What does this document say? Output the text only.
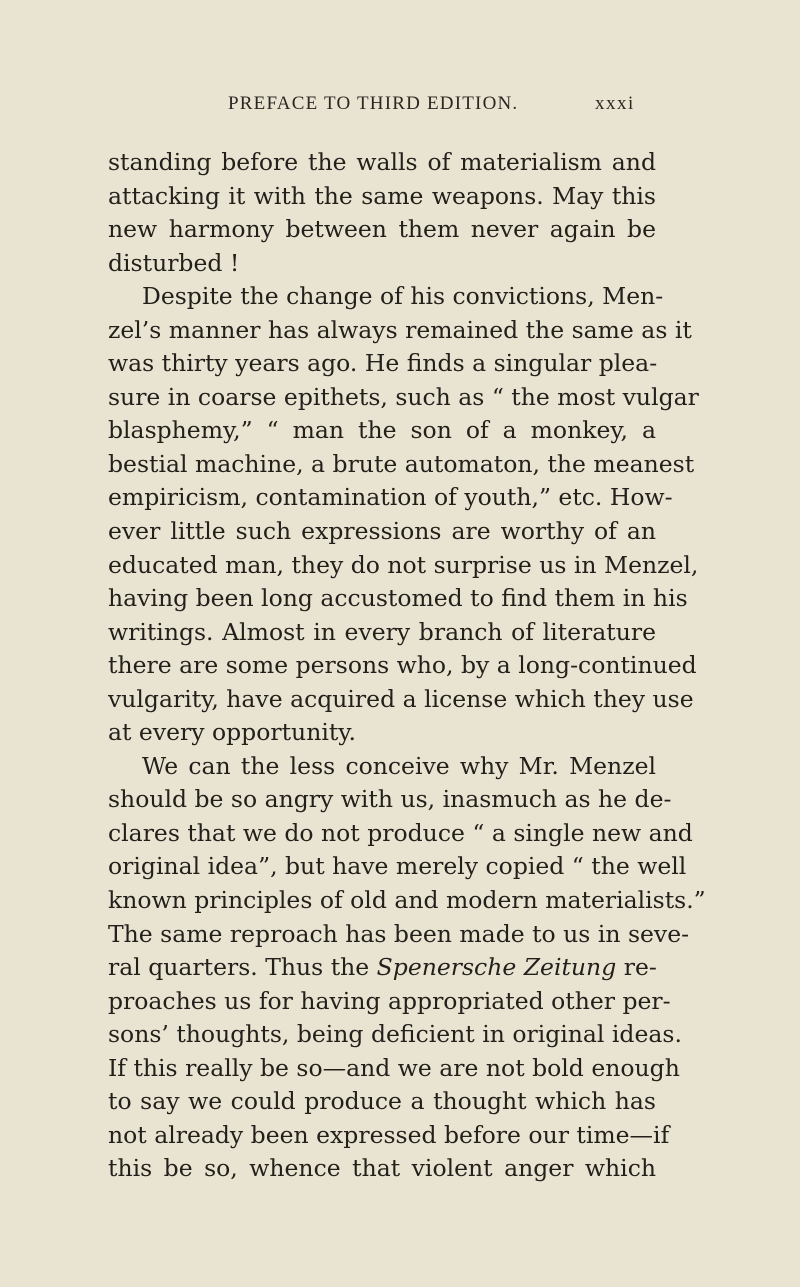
PREFACE TO THIRD EDITION.	xxxi
standing before the walls of materialism and
attacking it with the same weapons. May this
new harmony between them never again be
disturbed !
Despite the change of his convictions, Men-
zel’s manner has always remained the same as it
was thirty years ago. He finds a singular plea-
sure in coarse epithets, such as “ the most vulgar
blasphemy,” “ man the son of a monkey, a
bestial machine, a brute automaton, the meanest
empiricism, contamination of youth,” etc. How-
ever little such expressions are worthy of an
educated man, they do not surprise us in Menzel,
having been long accustomed to find them in his
writings. Almost in every branch of literature
there are some persons who, by a long-continued
vulgarity, have acquired a license which they use
at every opportunity.
We can the less conceive why Mr. Menzel
should be so angry with us, inasmuch as he de-
clares that we do not produce “ a single new and
original idea”, but have merely copied “ the well
known principles of old and modern materialists.”
The same reproach has been made to us in seve-
ral quarters. Thus the Spenersche Zeitung re-
proaches us for having appropriated other per-
sons’ thoughts, being deficient in original ideas.
If this really be so—and we are not bold enough
to say we could produce a thought which has
not already been expressed before our time—if
this be so, whence that violent anger which
